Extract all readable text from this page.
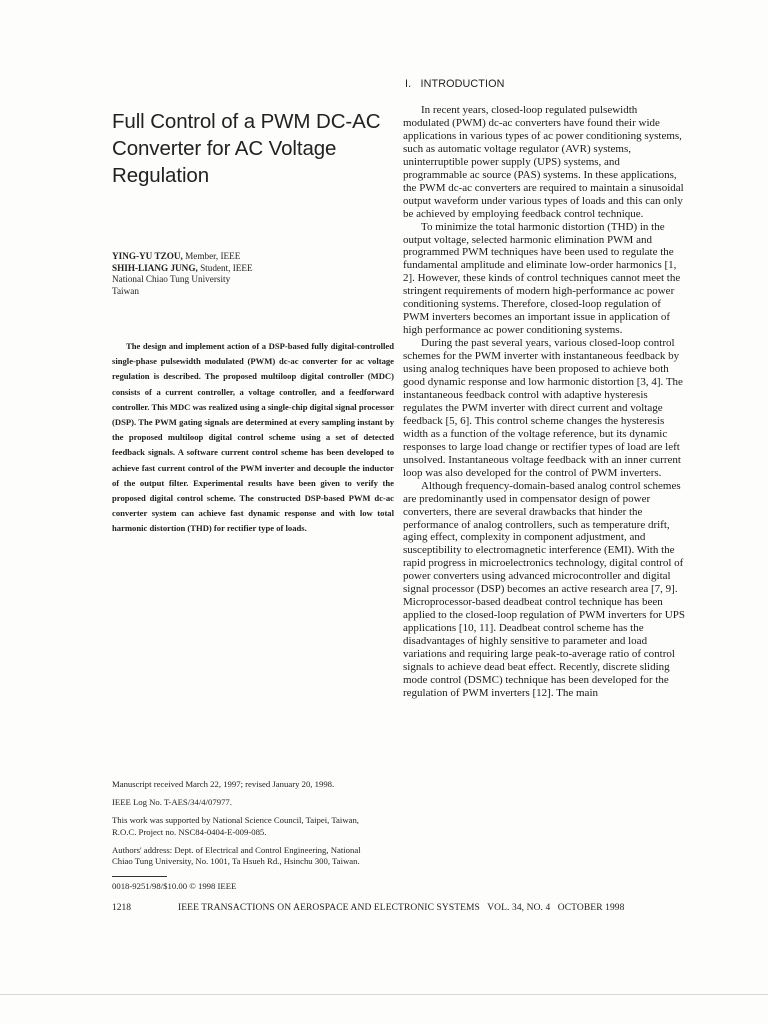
Full Control of a PWM DC-AC Converter for AC Voltage Regulation
YING-YU TZOU, Member, IEEE
SHIH-LIANG JUNG, Student, IEEE
National Chiao Tung University
Taiwan
The design and implement action of a DSP-based fully digital-controlled single-phase pulsewidth modulated (PWM) dc-ac converter for ac voltage regulation is described. The proposed multiloop digital controller (MDC) consists of a current controller, a voltage controller, and a feedforward controller. This MDC was realized using a single-chip digital signal processor (DSP). The PWM gating signals are determined at every sampling instant by the proposed multiloop digital control scheme using a set of detected feedback signals. A software current control scheme has been developed to achieve fast current control of the PWM inverter and decouple the inductor of the output filter. Experimental results have been given to verify the proposed digital control scheme. The constructed DSP-based PWM dc-ac converter system can achieve fast dynamic response and with low total harmonic distortion (THD) for rectifier type of loads.

Manuscript received March 22, 1997; revised January 20, 1998.

IEEE Log No. T-AES/34/4/07977.

This work was supported by National Science Council, Taipei, Taiwan, R.O.C. Project no. NSC84-0404-E-009-085.

Authors' address: Dept. of Electrical and Control Engineering, National Chiao Tung University, No. 1001, Ta Hsueh Rd., Hsinchu 300, Taiwan.

0018-9251/98/$10.00 © 1998 IEEE

I.   INTRODUCTION

In recent years, closed-loop regulated pulsewidth modulated (PWM) dc-ac converters have found their wide applications in various types of ac power conditioning systems, such as automatic voltage regulator (AVR) systems, uninterruptible power supply (UPS) systems, and programmable ac source (PAS) systems. In these applications, the PWM dc-ac converters are required to maintain a sinusoidal output waveform under various types of loads and this can only be achieved by employing feedback control technique.

To minimize the total harmonic distortion (THD) in the output voltage, selected harmonic elimination PWM and programmed PWM techniques have been used to regulate the fundamental amplitude and eliminate low-order harmonics [1, 2]. However, these kinds of control techniques cannot meet the stringent requirements of modern high-performance ac power conditioning systems. Therefore, closed-loop regulation of PWM inverters becomes an important issue in application of high performance ac power conditioning systems.

During the past several years, various closed-loop control schemes for the PWM inverter with instantaneous feedback by using analog techniques have been proposed to achieve both good dynamic response and low harmonic distortion [3, 4]. The instantaneous feedback control with adaptive hysteresis regulates the PWM inverter with direct current and voltage feedback [5, 6]. This control scheme changes the hysteresis width as a function of the voltage reference, but its dynamic responses to large load change or rectifier types of load are left unsolved. Instantaneous voltage feedback with an inner current loop was also developed for the control of PWM inverters.

Although frequency-domain-based analog control schemes are predominantly used in compensator design of power converters, there are several drawbacks that hinder the performance of analog controllers, such as temperature drift, aging effect, complexity in component adjustment, and susceptibility to electromagnetic interference (EMI). With the rapid progress in microelectronics technology, digital control of power converters using advanced microcontroller and digital signal processor (DSP) becomes an active research area [7, 9]. Microprocessor-based deadbeat control technique has been applied to the closed-loop regulation of PWM inverters for UPS applications [10, 11]. Deadbeat control scheme has the disadvantages of highly sensitive to parameter and load variations and requiring large peak-to-average ratio of control signals to achieve dead beat effect. Recently, discrete sliding mode control (DSMC) technique has been developed for the regulation of PWM inverters [12]. The main

1218	IEEE TRANSACTIONS ON AEROSPACE AND ELECTRONIC SYSTEMS   VOL. 34, NO. 4   OCTOBER 1998
